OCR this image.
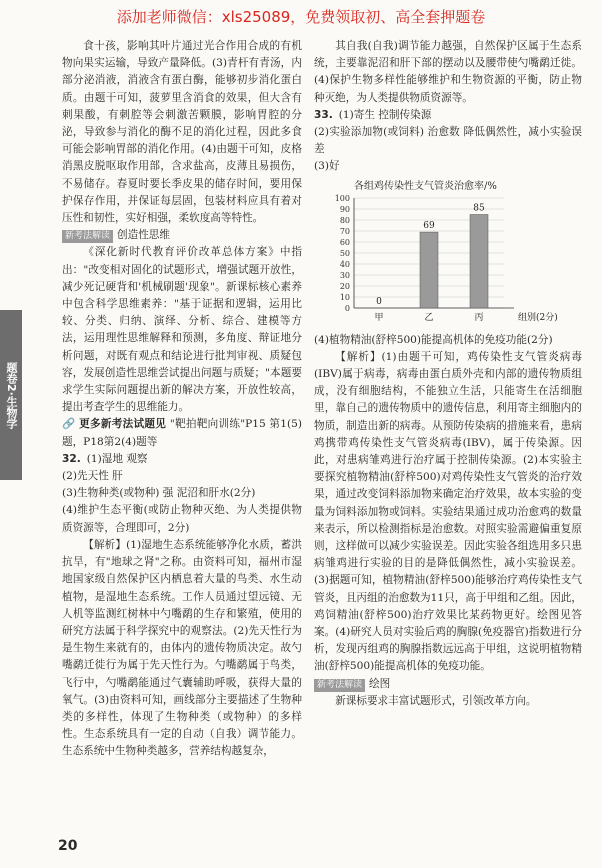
添加老师微信：xls25089，免费领取初、高全套押题卷
题卷2·生物学

食十孩，影响其叶片通过光合作用合成的有机物向果实运输，导致产量降低。(3)青杆有青汤，内部分泌消液，消液含有蛋白酶，能够初步消化蛋白质。由题干可知，菠萝里含消食的效果，但大含有刺果酸，有刺腔等会刺激苦颗膜，影响胃腔的分泌，导致参与消化的酶不足的消化过程，因此多食可能会影响胃部的消化作用。(4)由题干可知，皮格消黑皮脱呕取作用部，含求盐高，皮薄且易损伤，不易储存。春夏时要长季皮果的储存时间，要用保护保存作用，并保证每层固，包装材料应具有着对压性和韧性，实好相强，柔软度高等特性。

新考法解读 创造性思维

《深化新时代教育评价改革总体方案》中指出："改变相对固化的试题形式，增强试题开放性，减少死记硬背和'机械刷题'现象"。新课标核心素养中包含科学思维素养："基于证据和逻辑，运用比较、分类、归纳、演绎、分析、综合、建模等方法，运用理性思维解释和预测，多角度、辩证地分析问题，对既有观点和结论进行批判审视、质疑包容，发展创造性思维尝试提出问题与质疑；"本题要求学生实际问题提出新的解决方案，开放性较高，提出考查学生的思维能力。

🔗 更多新考法试题见 "靶拍靶向训练"P15 第1(5)题，P18第2(4)题等

32. (1)湿地 观察

(2)先天性 肝

(3)生物种类(或物种) 强 泥沼和肝水(2分)

(4)维护生态平衡(或防止物种灭绝、为人类提供物质资源等，合理即可，2分)

【解析】(1)湿地生态系统能够净化水质，蓄洪抗旱，有"地球之肾"之称。由资料可知，福州市湿地国家级自然保护区内栖息着大量的鸟类、水生动植物，是湿地生态系统。工作人员通过望远镜、无人机等监测红树林中勺嘴鹬的生存和繁殖，使用的研究方法属于科学探究中的观察法。(2)先天性行为是生物生来就有的，由体内的遗传物质决定。故勺嘴鹬迁徙行为属于先天性行为。勺嘴鹬属于鸟类，飞行中，勺嘴鹬能通过气囊辅助呼吸，获得大量的氧气。(3)由资料可知，画线部分主要描述了生物种类的多样性，体现了生物种类（或物种）的多样性。生态系统具有一定的自动（自我）调节能力。生态系统中生物种类越多，营养结构越复杂，

其自我(自我)调节能力越强，自然保护区属于生态系统，主要靠泥沼和肝下部的摆动以及腰带使勺嘴鹬迁徙。(4)保护生物多样性能够维护和生物资源的平衡，防止物种灭绝，为人类提供物质资源等。

33. (1)寄生 控制传染源

(2)实验添加物(或饲料) 治愈数 降低偶然性，减小实验误差

(3)好

各组鸡传染性支气管炎治愈率/%
0
10
20
30
40
50
60
70
80
90
100
0
甲
69
乙
85
丙	组别(2分)

(4)植物精油(舒梓500)能提高机体的免疫功能(2分)

【解析】(1)由题干可知，鸡传染性支气管炎病毒(IBV)属于病毒，病毒由蛋白质外壳和内部的遗传物质组成，没有细胞结构，不能独立生活，只能寄生在活细胞里，靠自己的遗传物质中的遗传信息，利用寄主细胞内的物质，制造出新的病毒。从预防传染病的措施来看，患病鸡携带鸡传染性支气管炎病毒(IBV)，属于传染源。因此，对患病雏鸡进行治疗属于控制传染源。(2)本实验主要探究植物精油(舒梓500)对鸡传染性支气管炎的治疗效果，通过改变饲料添加物来确定治疗效果，故本实验的变量为饲料添加物或饲料。实验结果通过成功治愈鸡的数量来表示，所以检测指标是治愈数。对照实验需避偏重复原则，这样做可以减少实验误差。因此实验各组选用多只患病雏鸡进行实验的目的是降低偶然性，减小实验误差。(3)据题可知，植物精油(舒梓500)能够治疗鸡传染性支气管炎，且丙组的治愈数为11只，高于甲组和乙组。因此，鸡饲精油(舒梓500)治疗效果比某药物更好。绘图见答案。(4)研究人员对实验后鸡的胸腺(免疫器官)指数进行分析，发现丙组鸡的胸腺指数远远高于甲组，这说明植物精油(舒梓500)能提高机体的免疫功能。

新考法解读 绘图

新课标要求丰富试题形式，引领改革方向。

20
